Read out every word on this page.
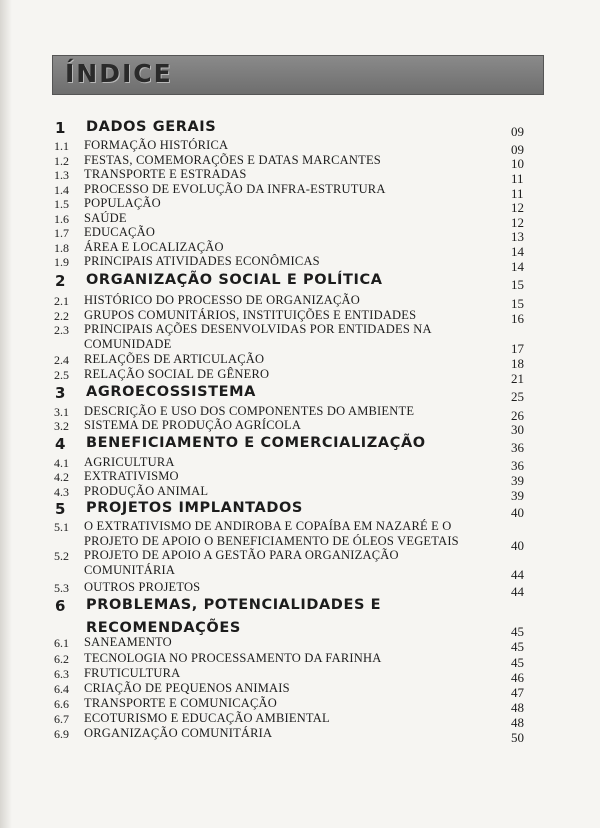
ÍNDICE
1 DADOS GERAIS	09
1.1 FORMAÇÃO HISTÓRICA	09
1.2 FESTAS, COMEMORAÇÕES E DATAS MARCANTES	10
1.3 TRANSPORTE E ESTRADAS	11
1.4 PROCESSO DE EVOLUÇÃO DA INFRA-ESTRUTURA	11
1.5 POPULAÇÃO	12
1.6 SAÚDE	12
1.7 EDUCAÇÃO	13
1.8 ÁREA E LOCALIZAÇÃO	14
1.9 PRINCIPAIS ATIVIDADES ECONÔMICAS	14
2 ORGANIZAÇÃO SOCIAL E POLÍTICA	15
2.1 HISTÓRICO DO PROCESSO DE ORGANIZAÇÃO	15
2.2 GRUPOS COMUNITÁRIOS, INSTITUIÇÕES E ENTIDADES	16
2.3 PRINCIPAIS AÇÕES DESENVOLVIDAS POR ENTIDADES NA
COMUNIDADE	17
2.4 RELAÇÕES DE ARTICULAÇÃO	18
2.5 RELAÇÃO SOCIAL DE GÊNERO	21
3 AGROECOSSISTEMA	25
3.1 DESCRIÇÃO E USO DOS COMPONENTES DO AMBIENTE	26
3.2 SISTEMA DE PRODUÇÃO AGRÍCOLA	30
4 BENEFICIAMENTO E COMERCIALIZAÇÃO	36
4.1 AGRICULTURA	36
4.2 EXTRATIVISMO	39
4.3 PRODUÇÃO ANIMAL	39
5 PROJETOS IMPLANTADOS	40
5.1 O EXTRATIVISMO DE ANDIROBA E COPAÍBA EM NAZARÉ E O
PROJETO DE APOIO O BENEFICIAMENTO DE ÓLEOS VEGETAIS	40
5.2 PROJETO DE APOIO A GESTÃO PARA ORGANIZAÇÃO
COMUNITÁRIA	44
5.3 OUTROS PROJETOS	44
6 PROBLEMAS, POTENCIALIDADES E
RECOMENDAÇÕES	45
6.1 SANEAMENTO	45
6.2 TECNOLOGIA NO PROCESSAMENTO DA FARINHA	45
6.3 FRUTICULTURA	46
6.4 CRIAÇÃO DE PEQUENOS ANIMAIS	47
6.6 TRANSPORTE E COMUNICAÇÃO	48
6.7 ECOTURISMO E EDUCAÇÃO AMBIENTAL	48
6.9 ORGANIZAÇÃO COMUNITÁRIA	50
